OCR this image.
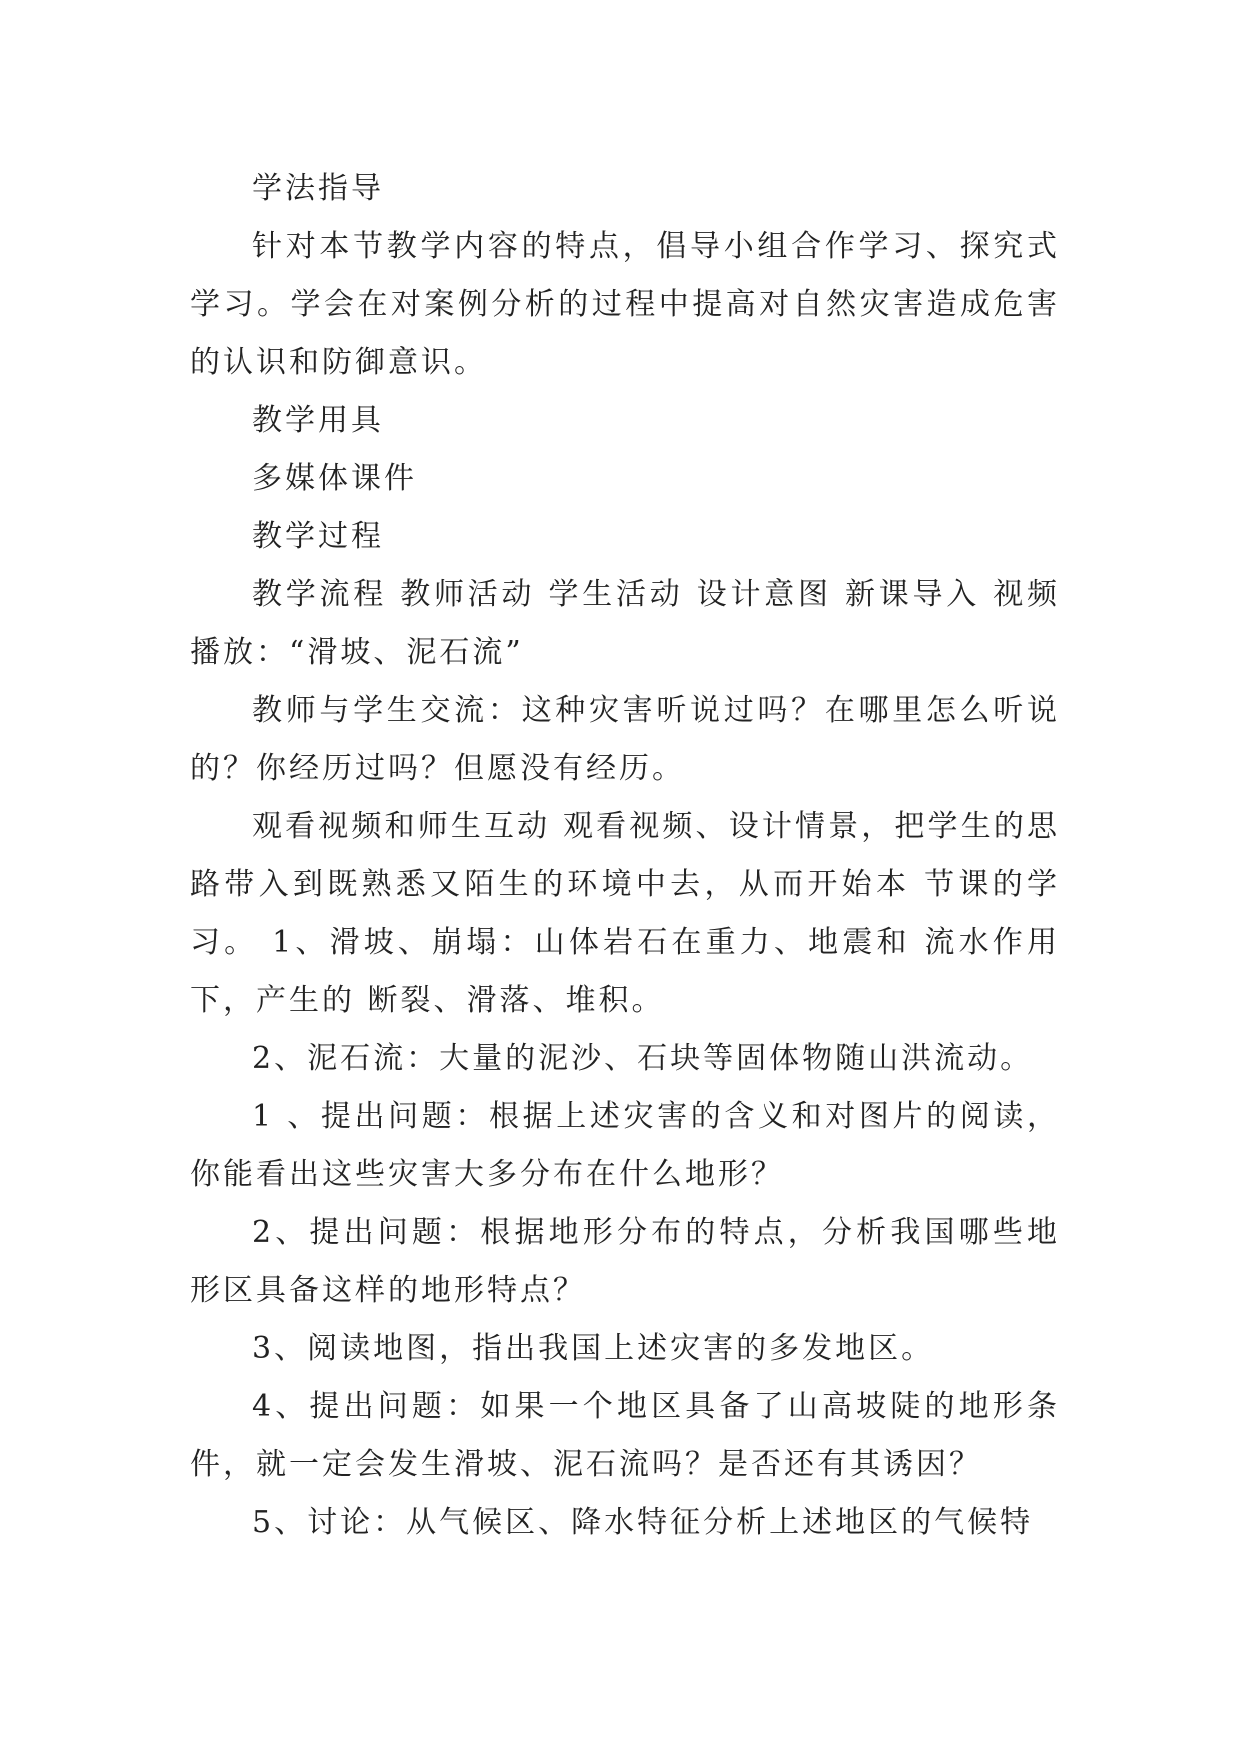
学法指导

针对本节教学内容的特点，倡导小组合作学习、探究式学习。学会在对案例分析的过程中提高对自然灾害造成危害的认识和防御意识。

教学用具

多媒体课件

教学过程

教学流程 教师活动 学生活动 设计意图 新课导入 视频播放：“滑坡、泥石流”

教师与学生交流：这种灾害听说过吗？在哪里怎么听说的？你经历过吗？但愿没有经历。

观看视频和师生互动 观看视频、设计情景，把学生的思路带入到既熟悉又陌生的环境中去，从而开始本 节课的学习。 1、滑坡、崩塌：山体岩石在重力、地震和 流水作用下，产生的 断裂、滑落、堆积。

2、泥石流：大量的泥沙、石块等固体物随山洪流动。

1 、提出问题：根据上述灾害的含义和对图片的阅读，你能看出这些灾害大多分布在什么地形？

2、提出问题：根据地形分布的特点，分析我国哪些地形区具备这样的地形特点？

3、阅读地图，指出我国上述灾害的多发地区。

4、提出问题：如果一个地区具备了山高坡陡的地形条件，就一定会发生滑坡、泥石流吗？是否还有其诱因？

5、讨论：从气候区、降水特征分析上述地区的气候特
